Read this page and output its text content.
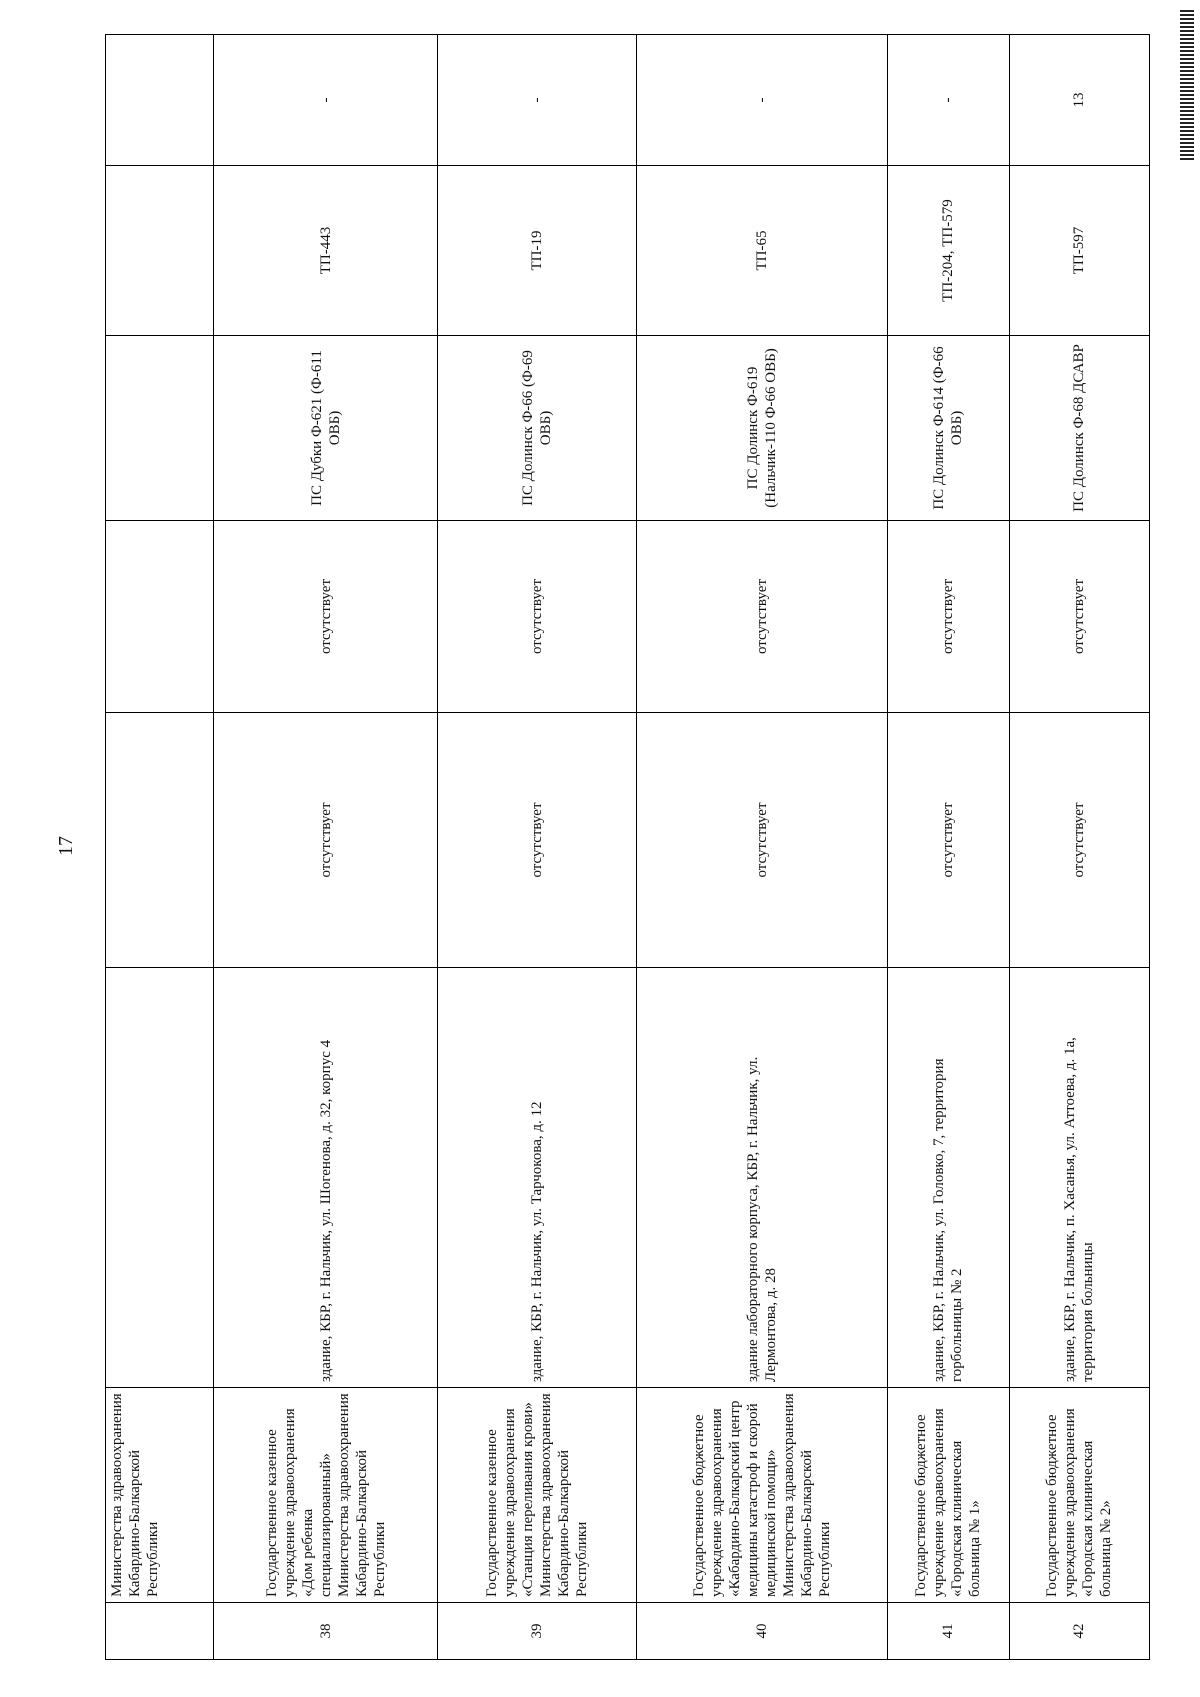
17
	Министерства здравоохранения Кабардино-Балкарской Республики						
38	Государственное казенное учреждение здравоохранения «Дом ребенка специализированный» Министерства здравоохранения Кабардино-Балкарской Республики	здание, КБР, г. Нальчик, ул. Шогенова, д. 32, корпус 4	отсутствует	отсутствует	ПС Дубки Ф-621 (Ф-611 ОВБ)	ТП-443	-
39	Государственное казенное учреждение здравоохранения «Станция переливания крови» Министерства здравоохранения Кабардино-Балкарской Республики	здание, КБР, г. Нальчик, ул. Тарчокова, д. 12	отсутствует	отсутствует	ПС Долинск Ф-66 (Ф-69 ОВБ)	ТП-19	-
40	Государственное бюджетное учреждение здравоохранения «Кабардино-Балкарский центр медицины катастроф и скорой медицинской помощи» Министерства здравоохранения Кабардино-Балкарской Республики	здание лабораторного корпуса, КБР, г. Нальчик, ул. Лермонтова, д. 28	отсутствует	отсутствует	ПС Долинск Ф-619 (Нальчик-110 Ф-66 ОВБ)	ТП-65	-
41	Государственное бюджетное учреждение здравоохранения «Городская клиническая больница № 1»	здание, КБР, г. Нальчик, ул. Головко, 7, территория горбольницы № 2	отсутствует	отсутствует	ПС Долинск Ф-614 (Ф-66 ОВБ)	ТП-204, ТП-579	-
42	Государственное бюджетное учреждение здравоохранения «Городская клиническая больница № 2»	здание, КБР, г. Нальчик, п. Хасанья, ул. Аттоева, д. 1а, территория больницы	отсутствует	отсутствует	ПС Долинск Ф-68 ДСАВР	ТП-597	13
